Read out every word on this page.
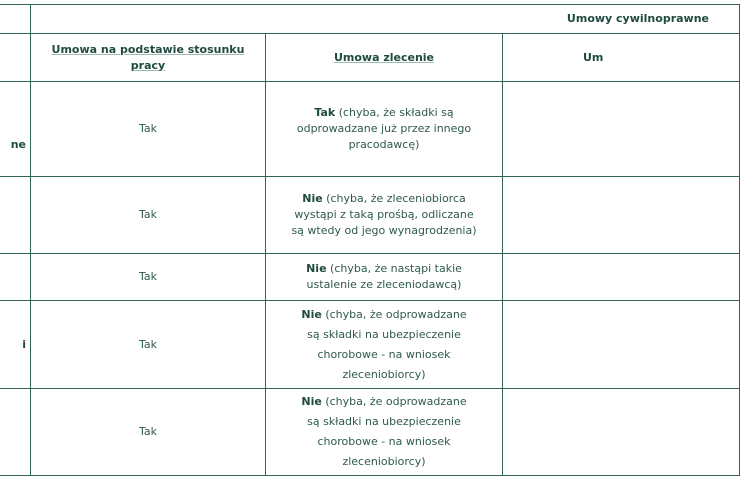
		Umowy cywilnoprawne	
	Umowa na podstawie stosunku pracy	Umowa zlecenie	Um
ne	Tak	Tak (chyba, że składki są odprowadzane już przez innego pracodawcę)	
	Tak	Nie (chyba, że zleceniobiorca wystąpi z taką prośbą, odliczane są wtedy od jego wynagrodzenia)	
	Tak	Nie (chyba, że nastąpi takie ustalenie ze zleceniodawcą)	
i	Tak	Nie (chyba, że odprowadzane są składki na ubezpieczenie chorobowe - na wniosek zleceniobiorcy)	
	Tak	Nie (chyba, że odprowadzane są składki na ubezpieczenie chorobowe - na wniosek zleceniobiorcy)	
